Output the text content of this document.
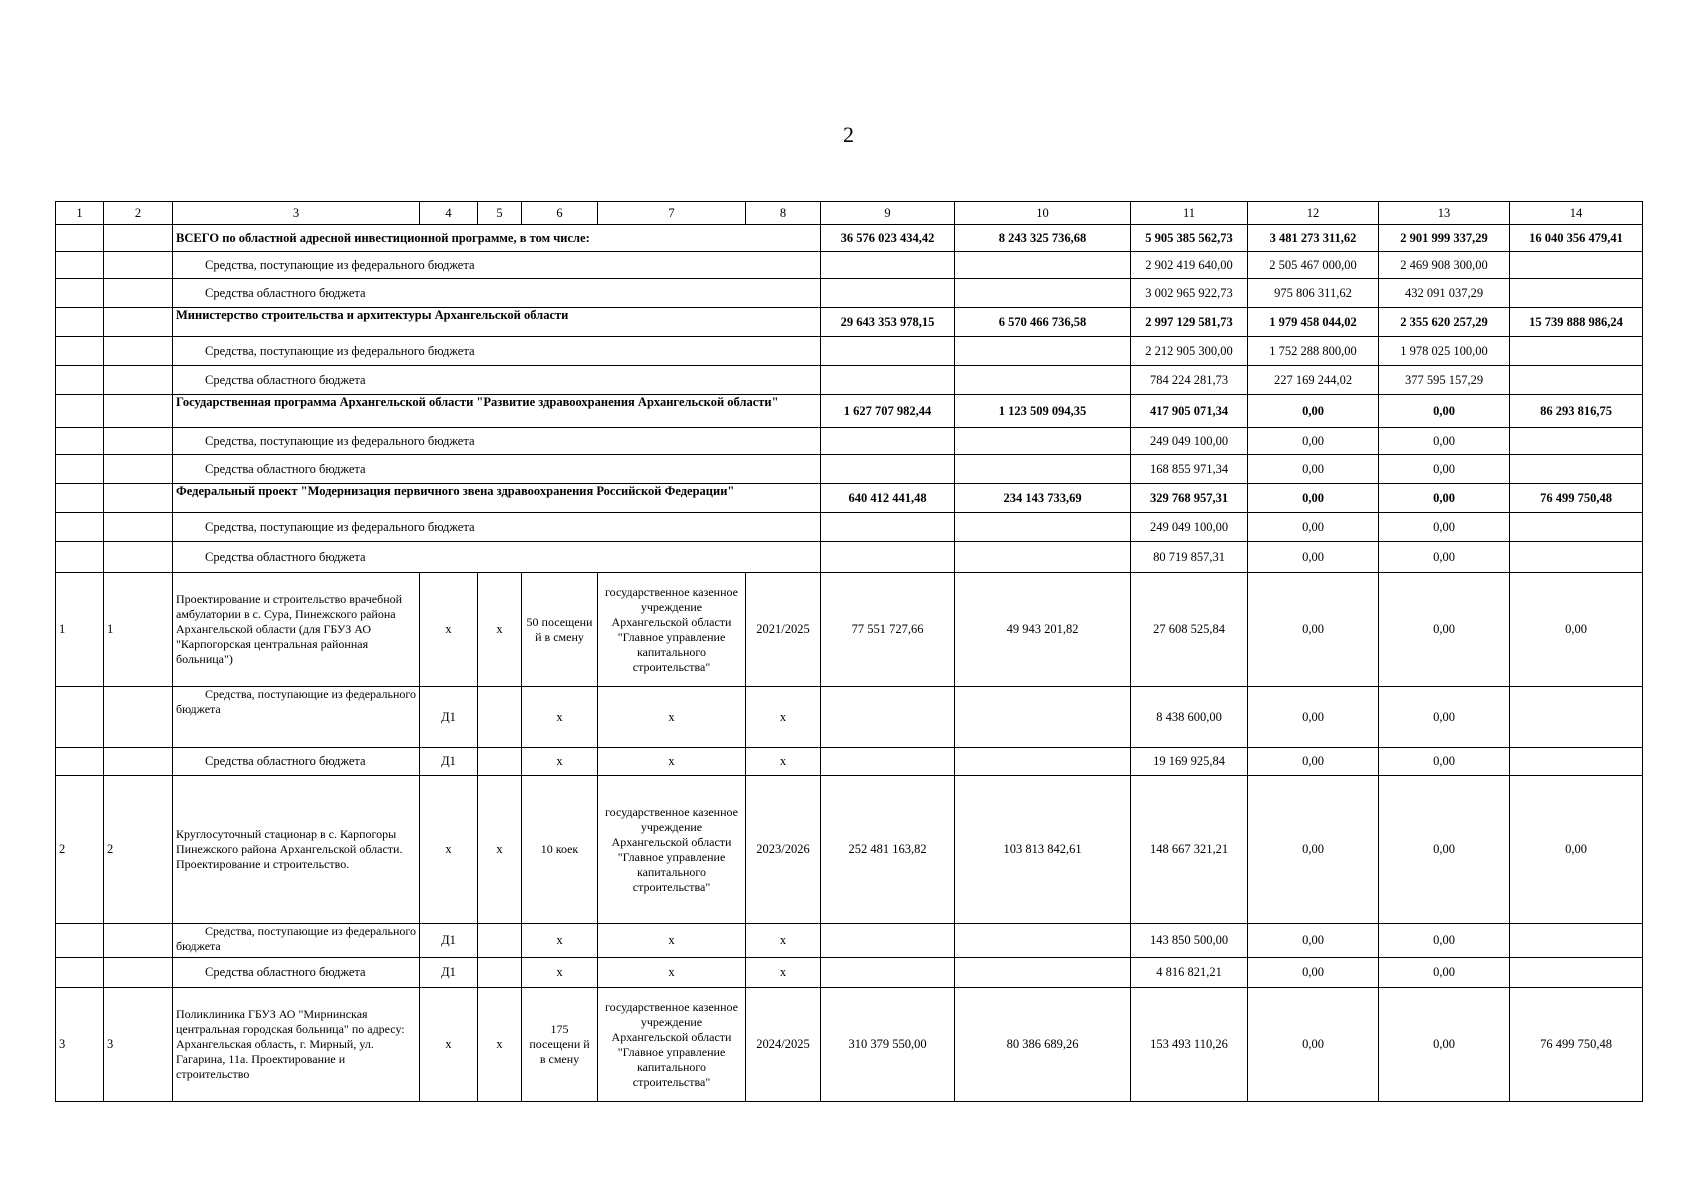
2
1	2	3	4	5	6	7	8	9	10	11	12	13	14
		ВСЕГО по областной адресной инвестиционной программе, в том числе:						36 576 023 434,42	8 243 325 736,68	5 905 385 562,73	3 481 273 311,62	2 901 999 337,29	16 040 356 479,41
		Средства, поступающие из федерального бюджета								2 902 419 640,00	2 505 467 000,00	2 469 908 300,00	
		Средства областного бюджета								3 002 965 922,73	975 806 311,62	432 091 037,29	
		Министерство строительства и архитектуры Архангельской области						29 643 353 978,15	6 570 466 736,58	2 997 129 581,73	1 979 458 044,02	2 355 620 257,29	15 739 888 986,24
		Средства, поступающие из федерального бюджета								2 212 905 300,00	1 752 288 800,00	1 978 025 100,00	
		Средства областного бюджета								784 224 281,73	227 169 244,02	377 595 157,29	
		Государственная программа Архангельской области "Развитие здравоохранения Архангельской области"						1 627 707 982,44	1 123 509 094,35	417 905 071,34	0,00	0,00	86 293 816,75
		Средства, поступающие из федерального бюджета								249 049 100,00	0,00	0,00	
		Средства областного бюджета								168 855 971,34	0,00	0,00	
		Федеральный проект "Модернизация первичного звена здравоохранения Российской Федерации"						640 412 441,48	234 143 733,69	329 768 957,31	0,00	0,00	76 499 750,48
		Средства, поступающие из федерального бюджета								249 049 100,00	0,00	0,00	
		Средства областного бюджета								80 719 857,31	0,00	0,00	
1	1	Проектирование и строительство врачебной амбулатории в с. Сура, Пинежского района Архангельской области (для ГБУЗ АО "Карпогорская центральная районная больница")	x	x	50 посещени й в смену	государственное казенное учреждение Архангельской области "Главное управление капитального строительства"	2021/2025	77 551 727,66	49 943 201,82	27 608 525,84	0,00	0,00	0,00
		Средства, поступающие из федерального бюджета	Д1		x	x	x			8 438 600,00	0,00	0,00	
		Средства областного бюджета	Д1		x	x	x			19 169 925,84	0,00	0,00	
2	2	Круглосуточный стационар в с. Карпогоры Пинежского района Архангельской области. Проектирование и строительство.	x	x	10 коек	государственное казенное учреждение Архангельской области "Главное управление капитального строительства"	2023/2026	252 481 163,82	103 813 842,61	148 667 321,21	0,00	0,00	0,00
		Средства, поступающие из федерального бюджета	Д1		x	x	x			143 850 500,00	0,00	0,00	
		Средства областного бюджета	Д1		x	x	x			4 816 821,21	0,00	0,00	
3	3	Поликлиника ГБУЗ АО "Мирнинская центральная городская больница" по адресу: Архангельская область, г. Мирный, ул. Гагарина, 11а. Проектирование и строительство	x	x	175 посещени й в смену	государственное казенное учреждение Архангельской области "Главное управление капитального строительства"	2024/2025	310 379 550,00	80 386 689,26	153 493 110,26	0,00	0,00	76 499 750,48
